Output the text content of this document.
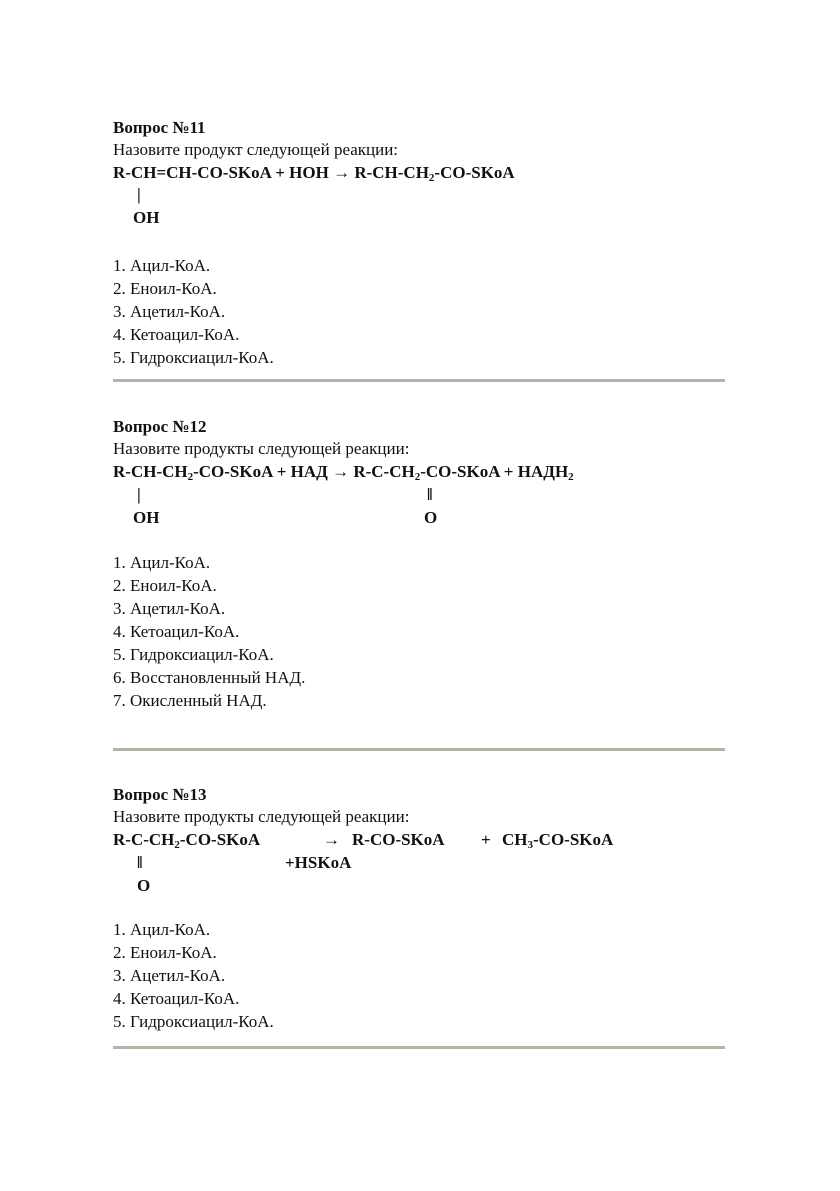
Вопрос №11
Назовите продукт следующей реакции:
R-CH=CH-CO-SKoA + HOH → $R-CH-CH_2-CO$-SKoA
|
OH
1. Ацил-КоА.
2. Еноил-КоА.
3. Ацетил-КоА.
4. Кетоацил-КоА.
5. Гидроксиацил-КоА.
Вопрос №12
Назовите продукты следующей реакции:
$R-CH-CH_2-CO$-SKoA + НАД → $R-C-CH_2-CO$-SKoA + $НАДН_2$
|	‖
OH	O
1. Ацил-КоА.
2. Еноил-КоА.
3. Ацетил-КоА.
4. Кетоацил-КоА.
5. Гидроксиацил-КоА.
6. Восстановленный НАД.
7. Окисленный НАД.
Вопрос №13
Назовите продукты следующей реакции:
$R-C-CH_2-CO$-SKoA	→ R-CO-SKoA + $CH_3-CO$-SKoA
‖	+HSKoA
O
1. Ацил-КоА.
2. Еноил-КоА.
3. Ацетил-КоА.
4. Кетоацил-КоА.
5. Гидроксиацил-КоА.
